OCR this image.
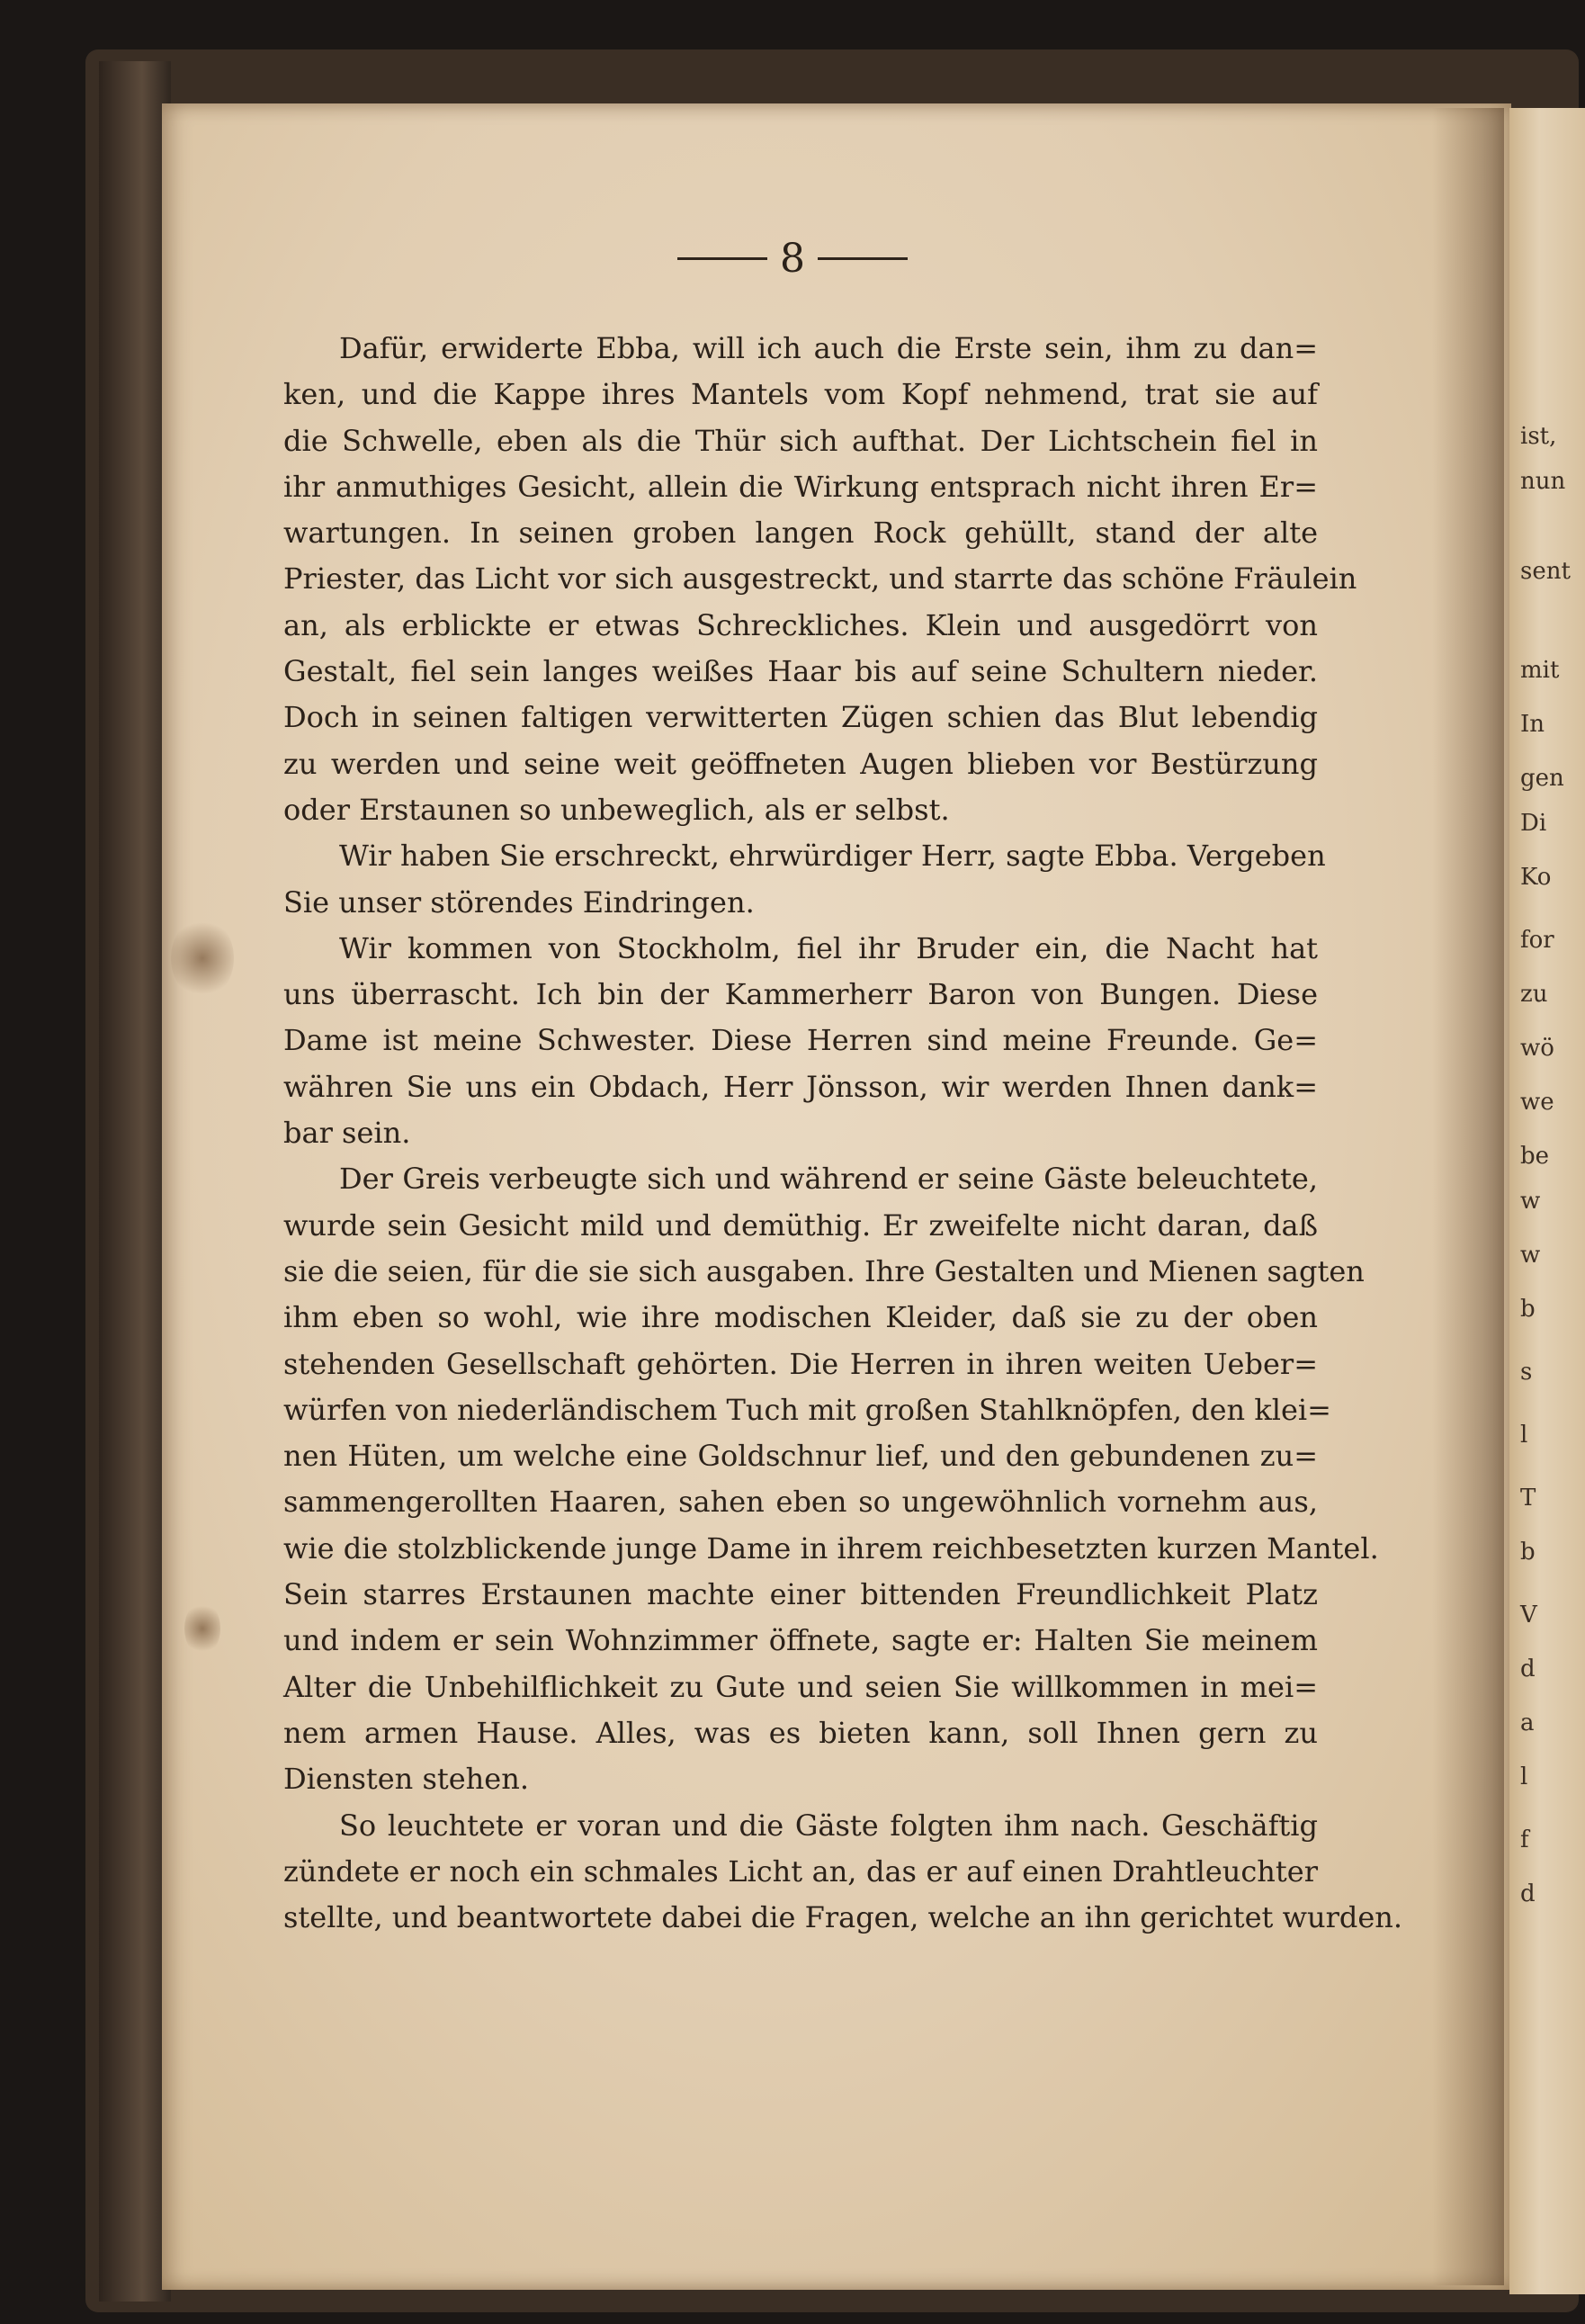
ist,
nun
sent
mit
In
gen
Di
Ko
for
zu
wö
we
be
w
w
b
s
l
T
b
V
d
a
l
f
d
8
Dafür, erwiderte Ebba, will ich auch die Erste sein, ihm zu dan=
ken, und die Kappe ihres Mantels vom Kopf nehmend, trat sie auf
die Schwelle, eben als die Thür sich aufthat. Der Lichtschein fiel in
ihr anmuthiges Gesicht, allein die Wirkung entsprach nicht ihren Er=
wartungen. In seinen groben langen Rock gehüllt, stand der alte
Priester, das Licht vor sich ausgestreckt, und starrte das schöne Fräulein
an, als erblickte er etwas Schreckliches. Klein und ausgedörrt von
Gestalt, fiel sein langes weißes Haar bis auf seine Schultern nieder.
Doch in seinen faltigen verwitterten Zügen schien das Blut lebendig
zu werden und seine weit geöffneten Augen blieben vor Bestürzung
oder Erstaunen so unbeweglich, als er selbst.
Wir haben Sie erschreckt, ehrwürdiger Herr, sagte Ebba. Vergeben
Sie unser störendes Eindringen.
Wir kommen von Stockholm, fiel ihr Bruder ein, die Nacht hat
uns überrascht. Ich bin der Kammerherr Baron von Bungen. Diese
Dame ist meine Schwester. Diese Herren sind meine Freunde. Ge=
währen Sie uns ein Obdach, Herr Jönsson, wir werden Ihnen dank=
bar sein.
Der Greis verbeugte sich und während er seine Gäste beleuchtete,
wurde sein Gesicht mild und demüthig. Er zweifelte nicht daran, daß
sie die seien, für die sie sich ausgaben. Ihre Gestalten und Mienen sagten
ihm eben so wohl, wie ihre modischen Kleider, daß sie zu der oben
stehenden Gesellschaft gehörten. Die Herren in ihren weiten Ueber=
würfen von niederländischem Tuch mit großen Stahlknöpfen, den klei=
nen Hüten, um welche eine Goldschnur lief, und den gebundenen zu=
sammengerollten Haaren, sahen eben so ungewöhnlich vornehm aus,
wie die stolzblickende junge Dame in ihrem reichbesetzten kurzen Mantel.
Sein starres Erstaunen machte einer bittenden Freundlichkeit Platz
und indem er sein Wohnzimmer öffnete, sagte er: Halten Sie meinem
Alter die Unbehilflichkeit zu Gute und seien Sie willkommen in mei=
nem armen Hause. Alles, was es bieten kann, soll Ihnen gern zu
Diensten stehen.
So leuchtete er voran und die Gäste folgten ihm nach. Geschäftig
zündete er noch ein schmales Licht an, das er auf einen Drahtleuchter
stellte, und beantwortete dabei die Fragen, welche an ihn gerichtet wurden.
